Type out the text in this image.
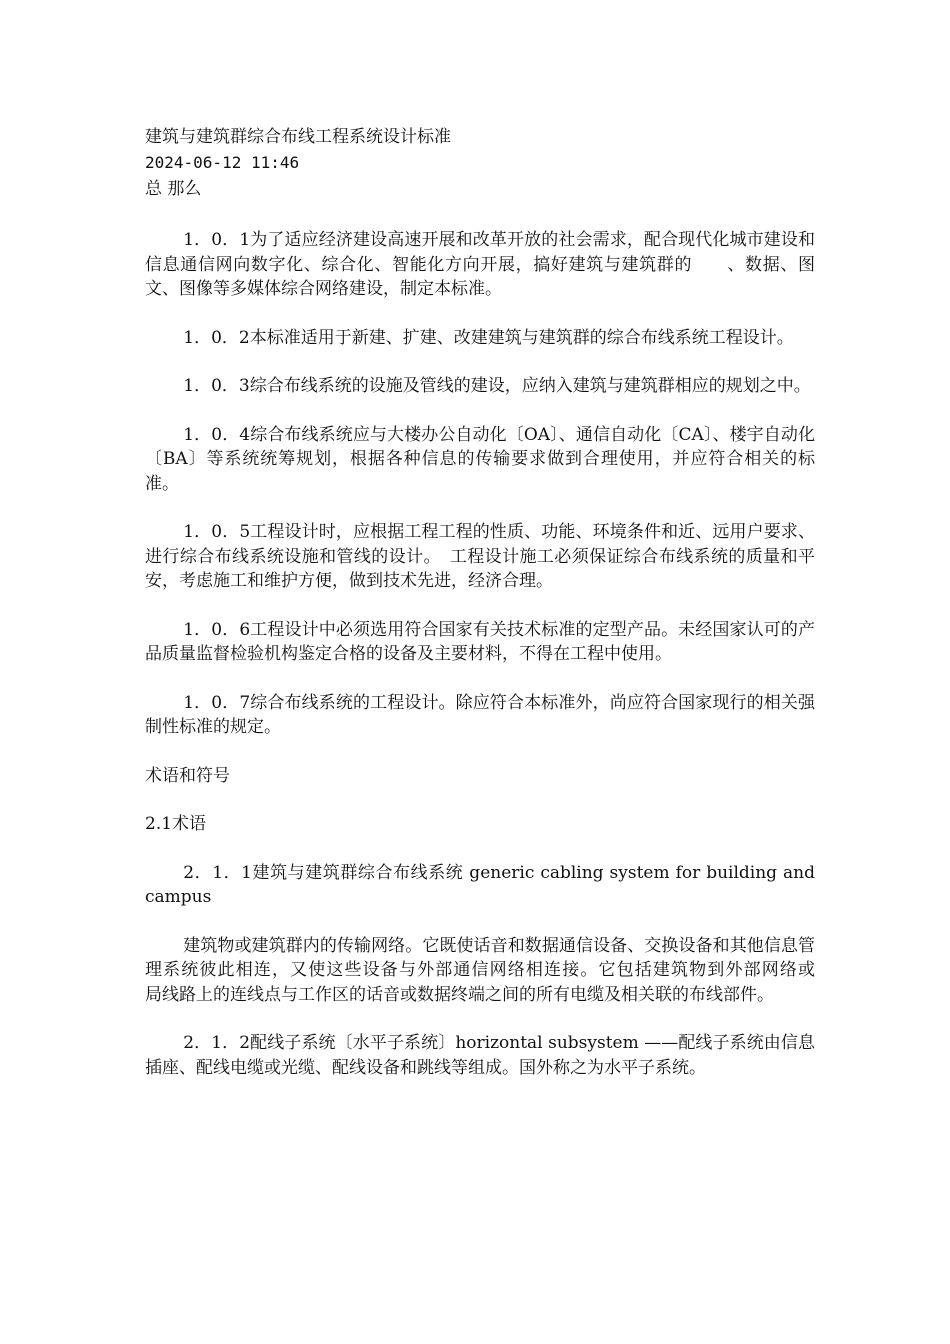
建筑与建筑群综合布线工程系统设计标准

2024-06-12 11:46

总 那么

1．0．1为了适应经济建设高速开展和改革开放的社会需求，配合现代化城市建设和信息通信网向数字化、综合化、智能化方向开展，搞好建筑与建筑群的　　、数据、图文、图像等多媒体综合网络建设，制定本标准。

1．0．2本标准适用于新建、扩建、改建建筑与建筑群的综合布线系统工程设计。

1．0．3综合布线系统的设施及管线的建设，应纳入建筑与建筑群相应的规划之中。

1．0．4综合布线系统应与大楼办公自动化〔OA〕、通信自动化〔CA〕、楼宇自动化〔BA〕等系统统筹规划，根据各种信息的传输要求做到合理使用，并应符合相关的标准。

1．0．5工程设计时，应根据工程工程的性质、功能、环境条件和近、远用户要求、进行综合布线系统设施和管线的设计。　工程设计施工必须保证综合布线系统的质量和平安，考虑施工和维护方便，做到技术先进，经济合理。

1．0．6工程设计中必须选用符合国家有关技术标准的定型产品。未经国家认可的产品质量监督检验机构鉴定合格的设备及主要材料，不得在工程中使用。

1．0．7综合布线系统的工程设计。除应符合本标准外，尚应符合国家现行的相关强制性标准的规定。

术语和符号

2.1术语

2．1．1建筑与建筑群综合布线系统 generic cabling system for building and campus

建筑物或建筑群内的传输网络。它既使话音和数据通信设备、交换设备和其他信息管理系统彼此相连，又使这些设备与外部通信网络相连接。它包括建筑物到外部网络或　　局线路上的连线点与工作区的话音或数据终端之间的所有电缆及相关联的布线部件。

2．1．2配线子系统〔水平子系统〕horizontal subsystem ——配线子系统由信息插座、配线电缆或光缆、配线设备和跳线等组成。国外称之为水平子系统。
